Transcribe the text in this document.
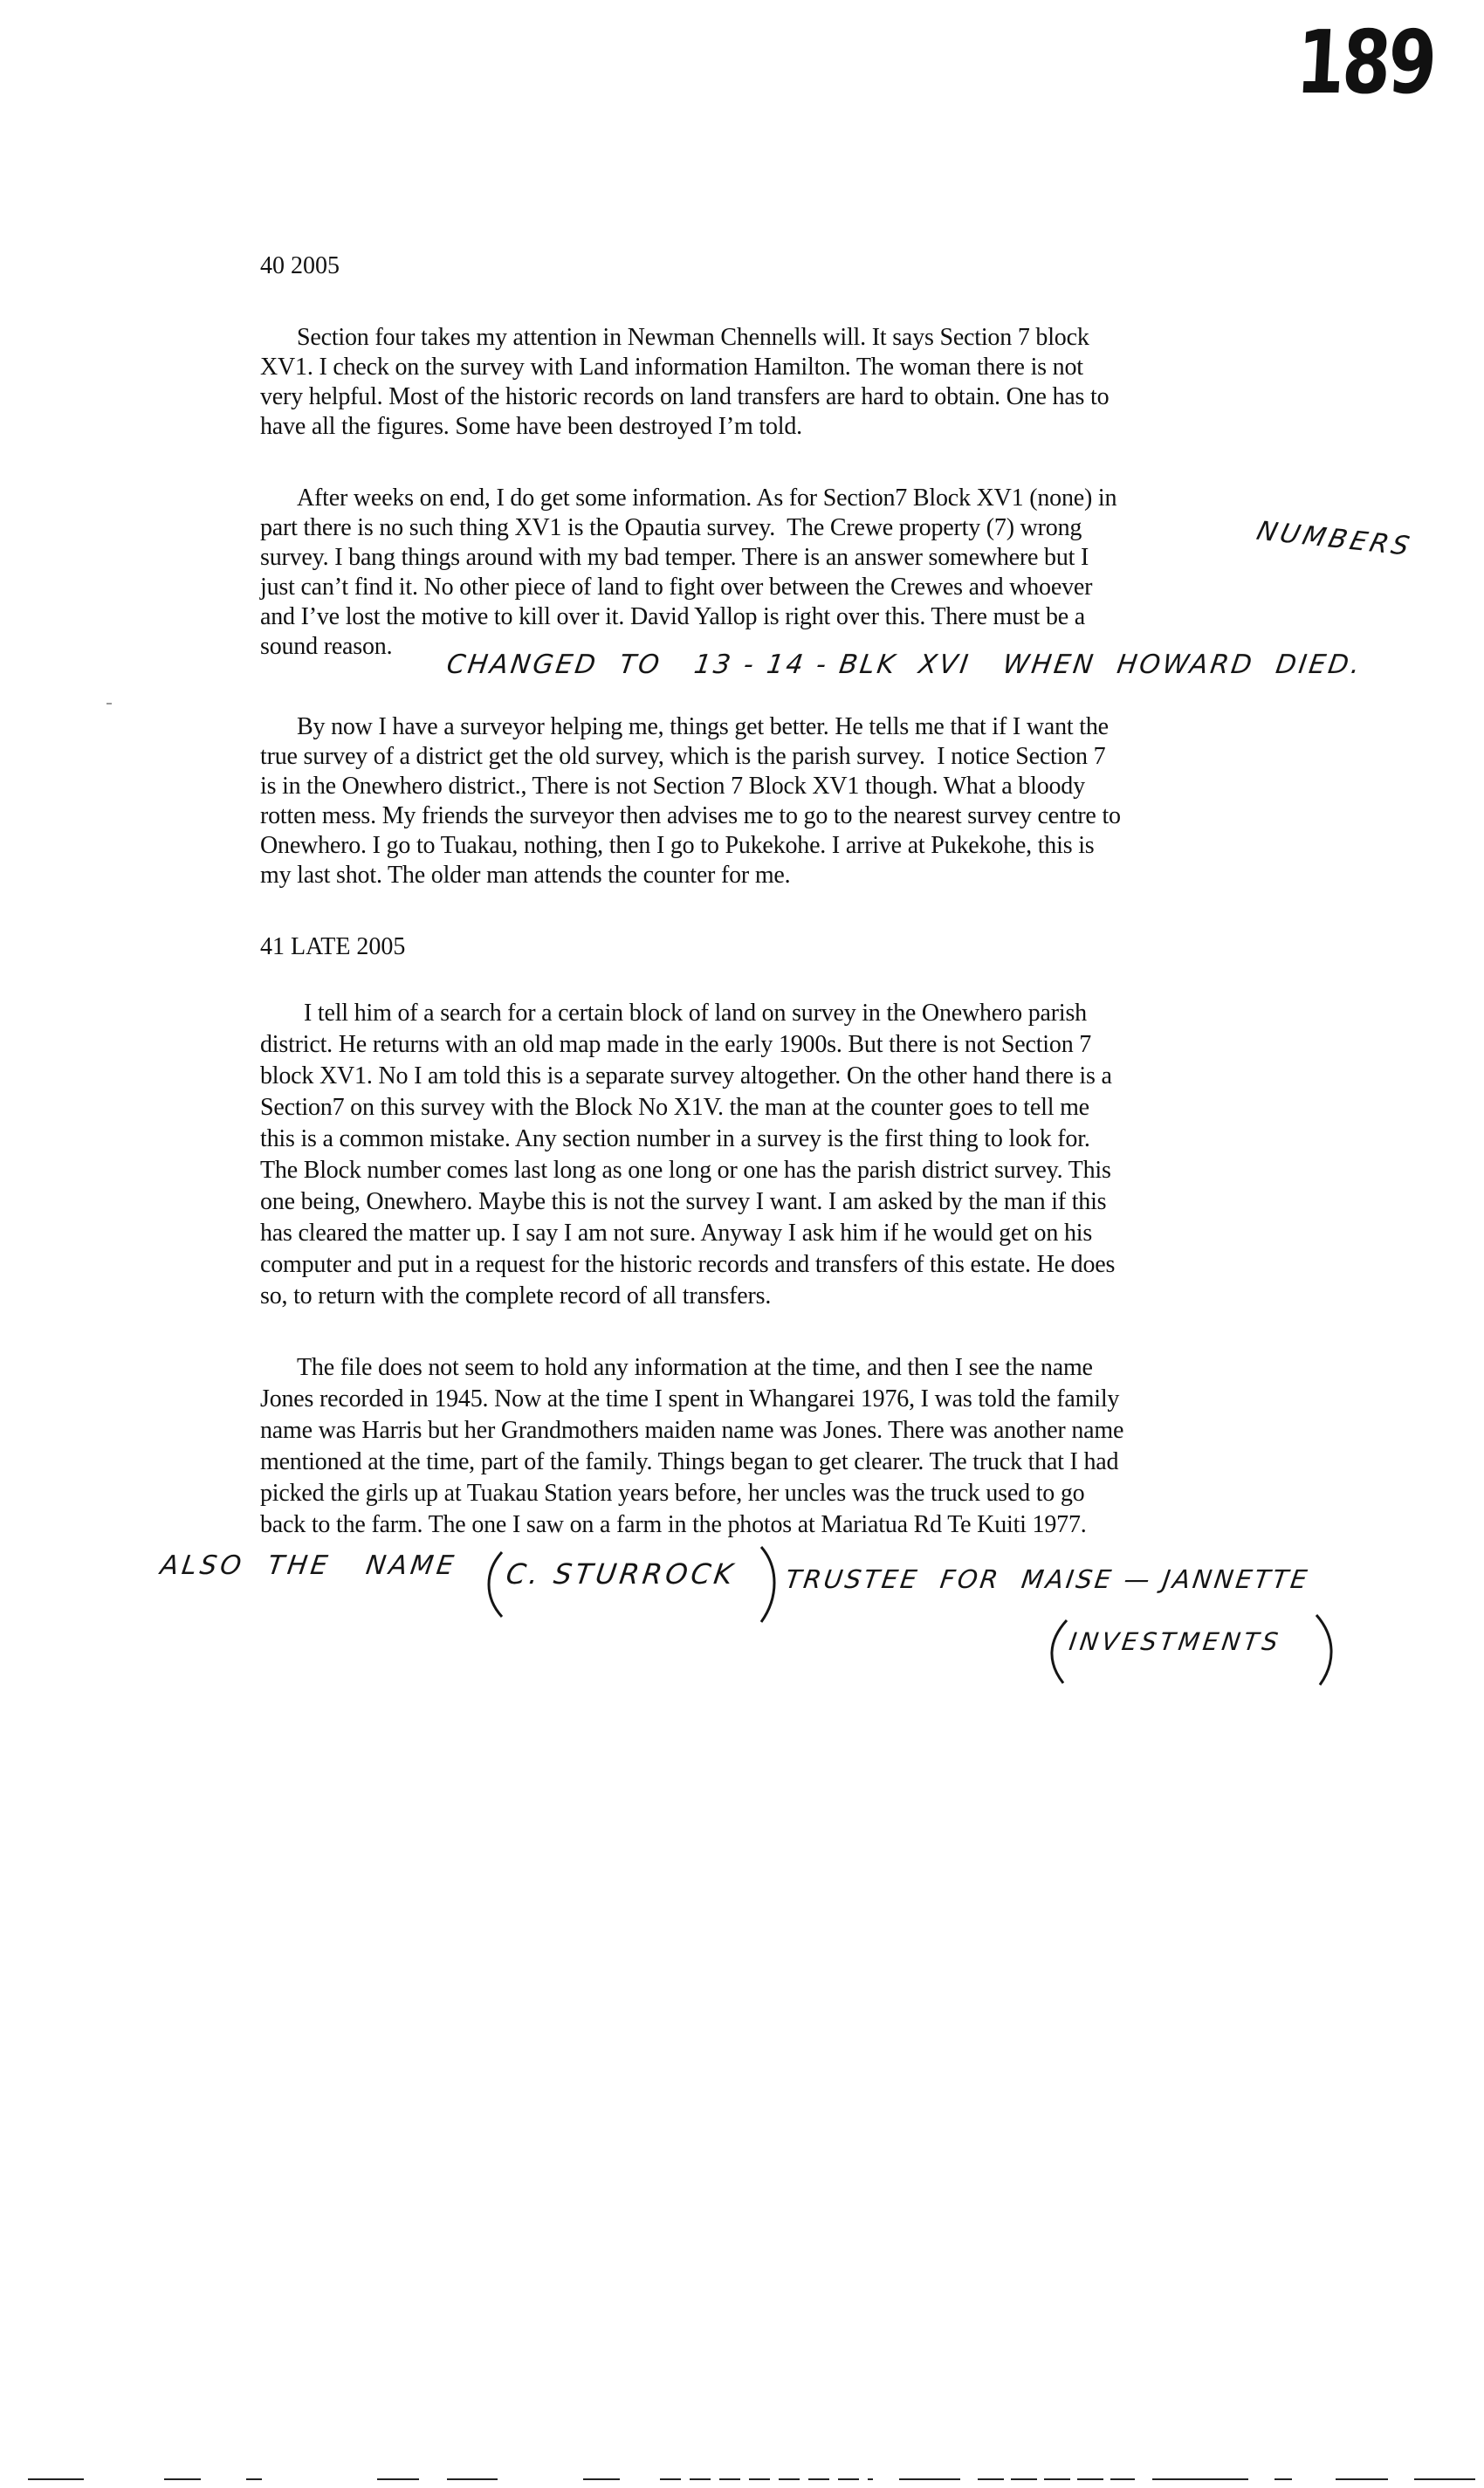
189
40 2005
Section four takes my attention in Newman Chennells will. It says Section 7 block
XV1. I check on the survey with Land information Hamilton. The woman there is not
very helpful. Most of the historic records on land transfers are hard to obtain. One has to
have all the figures. Some have been destroyed I’m told.
After weeks on end, I do get some information. As for Section7 Block XV1 (none) in
part there is no such thing XV1 is the Opautia survey.  The Crewe property (7) wrong
survey. I bang things around with my bad temper. There is an answer somewhere but I
just can’t find it. No other piece of land to fight over between the Crewes and whoever
and I’ve lost the motive to kill over it. David Yallop is right over this. There must be a
sound reason.
NUMBERS
CHANGED  TO   13 - 14 - BLK  XVI   WHEN  HOWARD  DIED.
By now I have a surveyor helping me, things get better. He tells me that if I want the
true survey of a district get the old survey, which is the parish survey.  I notice Section 7
is in the Onewhero district., There is not Section 7 Block XV1 though. What a bloody
rotten mess. My friends the surveyor then advises me to go to the nearest survey centre to
Onewhero. I go to Tuakau, nothing, then I go to Pukekohe. I arrive at Pukekohe, this is
my last shot. The older man attends the counter for me.
41 LATE 2005
I tell him of a search for a certain block of land on survey in the Onewhero parish
district. He returns with an old map made in the early 1900s. But there is not Section 7
block XV1. No I am told this is a separate survey altogether. On the other hand there is a
Section7 on this survey with the Block No X1V. the man at the counter goes to tell me
this is a common mistake. Any section number in a survey is the first thing to look for.
The Block number comes last long as one long or one has the parish district survey. This
one being, Onewhero. Maybe this is not the survey I want. I am asked by the man if this
has cleared the matter up. I say I am not sure. Anyway I ask him if he would get on his
computer and put in a request for the historic records and transfers of this estate. He does
so, to return with the complete record of all transfers.
The file does not seem to hold any information at the time, and then I see the name
Jones recorded in 1945. Now at the time I spent in Whangarei 1976, I was told the family
name was Harris but her Grandmothers maiden name was Jones. There was another name
mentioned at the time, part of the family. Things began to get clearer. The truck that I had
picked the girls up at Tuakau Station years before, her uncles was the truck used to go
back to the farm. The one I saw on a farm in the photos at Mariatua Rd Te Kuiti 1977.
ALSO  THE   NAME C. STURROCK TRUSTEE  FOR  MAISE — JANNETTE
INVESTMENTS
